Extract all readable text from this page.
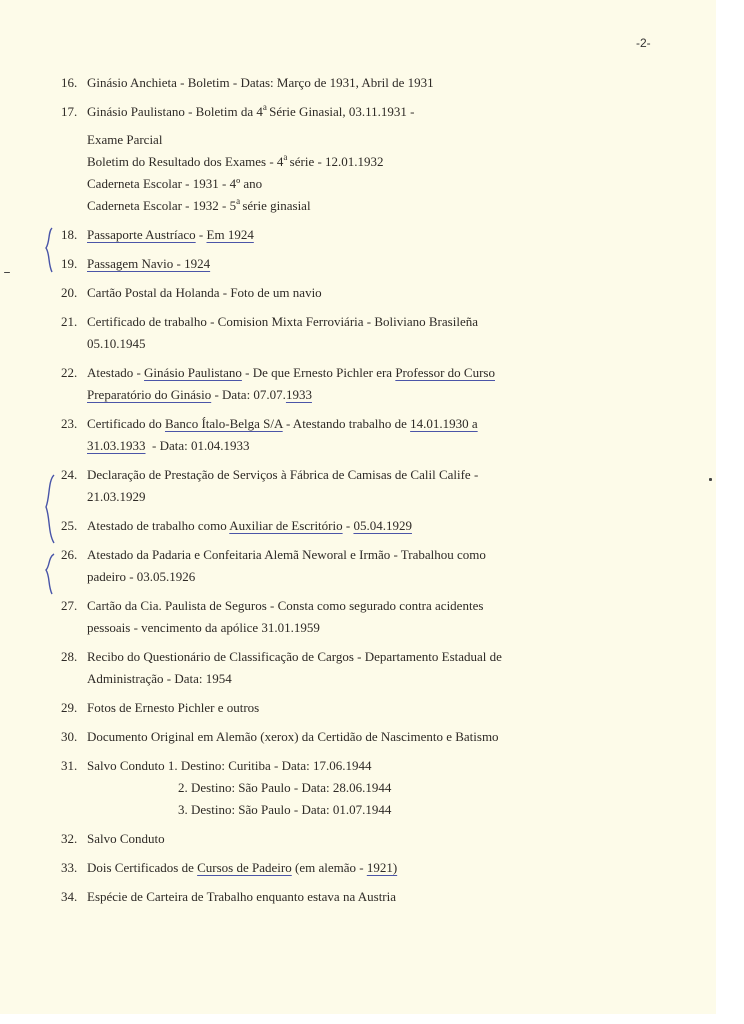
-2-
16. Ginásio Anchieta - Boletim - Datas: Março de 1931, Abril de 1931
17. Ginásio Paulistano - Boletim da 4$^a$ Série Ginasial, 03.11.1931 -
Exame Parcial
Boletim do Resultado dos Exames - 4$^a$ série - 12.01.1932
Caderneta Escolar - 1931 - 4º ano
Caderneta Escolar - 1932 - 5$^a$ série ginasial
18. Passaporte Austríaco - Em 1924
19. Passagem Navio - 1924
20. Cartão Postal da Holanda - Foto de um navio
21. Certificado de trabalho - Comision Mixta Ferroviária - Boliviano Brasileña
05.10.1945
22. Atestado - Ginásio Paulistano - De que Ernesto Pichler era Professor do Curso
Preparatório do Ginásio - Data: 07.07.1933
23. Certificado do Banco Ítalo-Belga S/A - Atestando trabalho de 14.01.1930 a
31.03.1933  - Data: 01.04.1933
24. Declaração de Prestação de Serviços à Fábrica de Camisas de Calil Calife -
21.03.1929
25. Atestado de trabalho como Auxiliar de Escritório - 05.04.1929
26. Atestado da Padaria e Confeitaria Alemã Neworal e Irmão - Trabalhou como
padeiro - 03.05.1926
27. Cartão da Cia. Paulista de Seguros - Consta como segurado contra acidentes
pessoais - vencimento da apólice 31.01.1959
28. Recibo do Questionário de Classificação de Cargos - Departamento Estadual de
Administração - Data: 1954
29. Fotos de Ernesto Pichler e outros
30. Documento Original em Alemão (xerox) da Certidão de Nascimento e Batismo
31. Salvo Conduto 1. Destino: Curitiba - Data: 17.06.1944
2. Destino: São Paulo - Data: 28.06.1944
3. Destino: São Paulo - Data: 01.07.1944
32. Salvo Conduto
33. Dois Certificados de Cursos de Padeiro (em alemão - 1921)
34. Espécie de Carteira de Trabalho enquanto estava na Austria
